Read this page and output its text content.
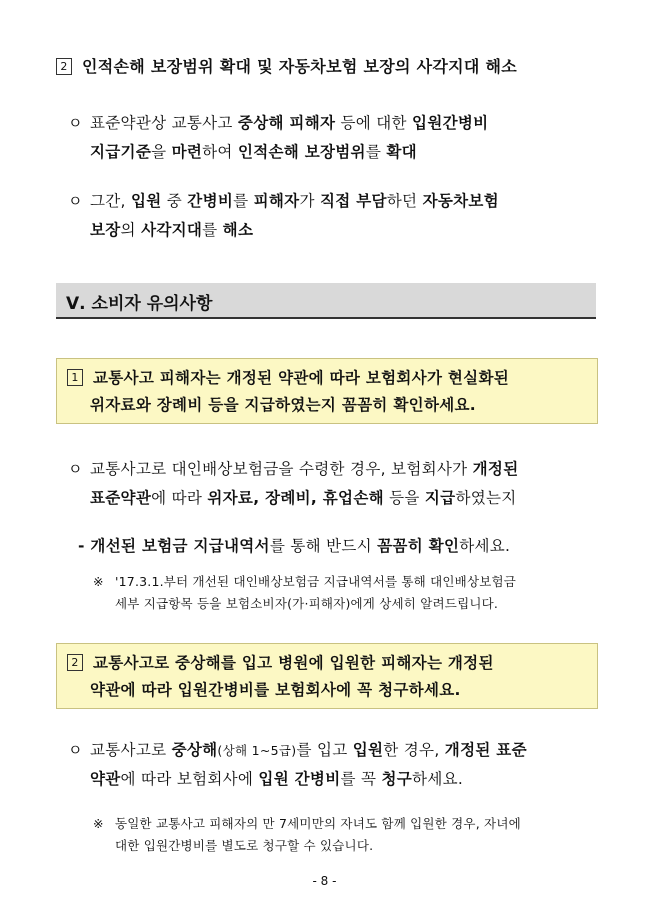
2 인적손해 보장범위 확대 및 자동차보험 보장의 사각지대 해소
ㅇ 표준약관상 교통사고 중상해 피해자 등에 대한 입원간병비
지급기준을 마련하여 인적손해 보장범위를 확대
ㅇ 그간, 입원 중 간병비를 피해자가 직접 부담하던 자동차보험
보장의 사각지대를 해소
Ⅴ. 소비자 유의사항
1 교통사고 피해자는 개정된 약관에 따라 보험회사가 현실화된
위자료와 장례비 등을 지급하였는지 꼼꼼히 확인하세요.
ㅇ 교통사고로 대인배상보험금을 수령한 경우, 보험회사가 개정된
표준약관에 따라 위자료, 장례비, 휴업손해 등을 지급하였는지
- 개선된 보험금 지급내역서를 통해 반드시 꼼꼼히 확인하세요.
※ '17.3.1.부터 개선된 대인배상보험금 지급내역서를 통해 대인배상보험금
세부 지급항목 등을 보험소비자(가·피해자)에게 상세히 알려드립니다.
2 교통사고로 중상해를 입고 병원에 입원한 피해자는 개정된
약관에 따라 입원간병비를 보험회사에 꼭 청구하세요.
ㅇ 교통사고로 중상해(상해 1~5급)를 입고 입원한 경우, 개정된 표준
약관에 따라 보험회사에 입원 간병비를 꼭 청구하세요.
※ 동일한 교통사고 피해자의 만 7세미만의 자녀도 함께 입원한 경우, 자녀에
대한 입원간병비를 별도로 청구할 수 있습니다.
- 8 -
